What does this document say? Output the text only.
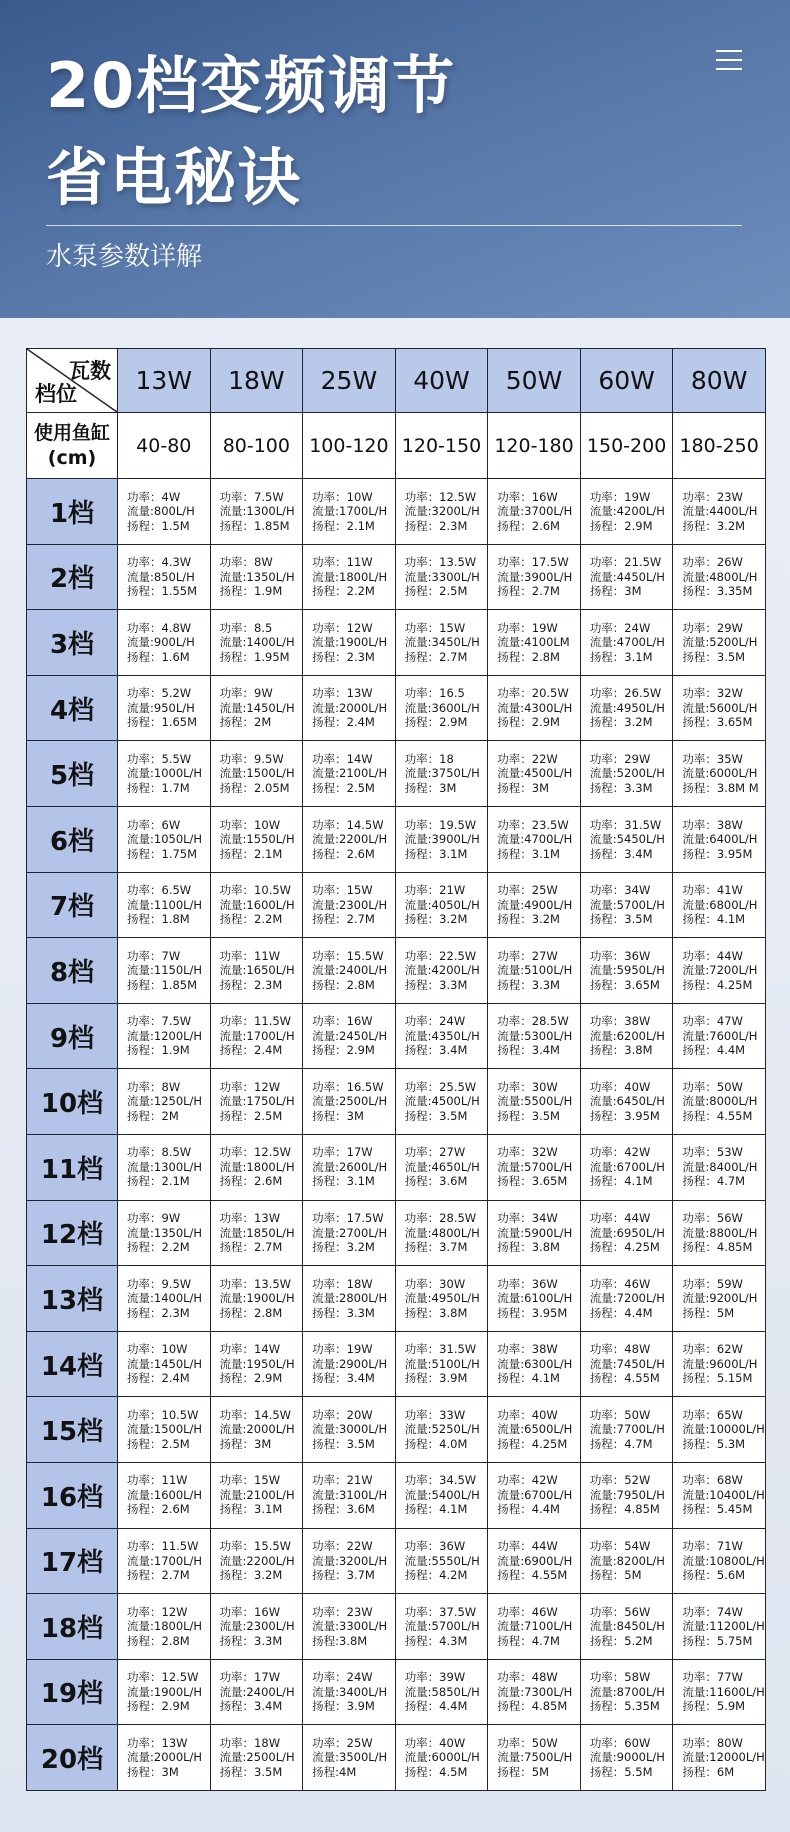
20档变频调节
省电秘诀
水泵参数详解
瓦数
档位	13W	18W	25W	40W	50W	60W	80W

使用鱼缸
(cm)	40-80	80-100	100-120	120-150	120-180	150-200	180-250
1档	功率：4W
流量:800L/H
扬程：1.5M	功率：7.5W
流量:1300L/H
扬程：1.85M	功率：10W
流量:1700L/H
扬程：2.1M	功率：12.5W
流量:3200L/H
扬程：2.3M	功率：16W
流量:3700L/H
扬程：2.6M	功率：19W
流量:4200L/H
扬程：2.9M	功率：23W
流量:4400L/H
扬程：3.2M

2档	功率：4.3W
流量:850L/H
扬程：1.55M	功率：8W
流量:1350L/H
扬程：1.9M	功率：11W
流量:1800L/H
扬程：2.2M	功率：13.5W
流量:3300L/H
扬程：2.5M	功率：17.5W
流量:3900L/H
扬程：2.7M	功率：21.5W
流量:4450L/H
扬程：3M	功率：26W
流量:4800L/H
扬程：3.35M

3档	功率：4.8W
流量:900L/H
扬程：1.6M	功率：8.5
流量:1400L/H
扬程：1.95M	功率：12W
流量:1900L/H
扬程：2.3M	功率：15W
流量:3450L/H
扬程：2.7M	功率：19W
流量:4100LM
扬程：2.8M	功率：24W
流量:4700L/H
扬程：3.1M	功率：29W
流量:5200L/H
扬程：3.5M

4档	功率：5.2W
流量:950L/H
扬程：1.65M	功率：9W
流量:1450L/H
扬程：2M	功率：13W
流量:2000L/H
扬程：2.4M	功率：16.5
流量:3600L/H
扬程：2.9M	功率：20.5W
流量:4300L/H
扬程：2.9M	功率：26.5W
流量:4950L/H
扬程：3.2M	功率：32W
流量:5600L/H
扬程：3.65M

5档	功率：5.5W
流量:1000L/H
扬程：1.7M	功率：9.5W
流量:1500L/H
扬程：2.05M	功率：14W
流量:2100L/H
扬程：2.5M	功率：18
流量:3750L/H
扬程：3M	功率：22W
流量:4500L/H
扬程：3M	功率：29W
流量:5200L/H
扬程：3.3M	功率：35W
流量:6000L/H
扬程：3.8M M

6档	功率：6W
流量:1050L/H
扬程：1.75M	功率：10W
流量:1550L/H
扬程：2.1M	功率：14.5W
流量:2200L/H
扬程：2.6M	功率：19.5W
流量:3900L/H
扬程：3.1M	功率：23.5W
流量:4700L/H
扬程：3.1M	功率：31.5W
流量:5450L/H
扬程：3.4M	功率：38W
流量:6400L/H
扬程：3.95M

7档	功率：6.5W
流量:1100L/H
扬程：1.8M	功率：10.5W
流量:1600L/H
扬程：2.2M	功率：15W
流量:2300L/H
扬程：2.7M	功率：21W
流量:4050L/H
扬程：3.2M	功率：25W
流量:4900L/H
扬程：3.2M	功率：34W
流量:5700L/H
扬程：3.5M	功率：41W
流量:6800L/H
扬程：4.1M

8档	功率：7W
流量:1150L/H
扬程：1.85M	功率：11W
流量:1650L/H
扬程：2.3M	功率：15.5W
流量:2400L/H
扬程：2.8M	功率：22.5W
流量:4200L/H
扬程：3.3M	功率：27W
流量:5100L/H
扬程：3.3M	功率：36W
流量:5950L/H
扬程：3.65M	功率：44W
流量:7200L/H
扬程：4.25M

9档	功率：7.5W
流量:1200L/H
扬程：1.9M	功率：11.5W
流量:1700L/H
扬程：2.4M	功率：16W
流量:2450L/H
扬程：2.9M	功率：24W
流量:4350L/H
扬程：3.4M	功率：28.5W
流量:5300L/H
扬程：3.4M	功率：38W
流量:6200L/H
扬程：3.8M	功率：47W
流量:7600L/H
扬程：4.4M

10档	功率：8W
流量:1250L/H
扬程：2M	功率：12W
流量:1750L/H
扬程：2.5M	功率：16.5W
流量:2500L/H
扬程：3M	功率：25.5W
流量:4500L/H
扬程：3.5M	功率：30W
流量:5500L/H
扬程：3.5M	功率：40W
流量:6450L/H
扬程：3.95M	功率：50W
流量:8000L/H
扬程：4.55M

11档	功率：8.5W
流量:1300L/H
扬程：2.1M	功率：12.5W
流量:1800L/H
扬程：2.6M	功率：17W
流量:2600L/H
扬程：3.1M	功率：27W
流量:4650L/H
扬程：3.6M	功率：32W
流量:5700L/H
扬程：3.65M	功率：42W
流量:6700L/H
扬程：4.1M	功率：53W
流量:8400L/H
扬程：4.7M

12档	功率：9W
流量:1350L/H
扬程：2.2M	功率：13W
流量:1850L/H
扬程：2.7M	功率：17.5W
流量:2700L/H
扬程：3.2M	功率：28.5W
流量:4800L/H
扬程：3.7M	功率：34W
流量:5900L/H
扬程：3.8M	功率：44W
流量:6950L/H
扬程：4.25M	功率：56W
流量:8800L/H
扬程：4.85M

13档	功率：9.5W
流量:1400L/H
扬程：2.3M	功率：13.5W
流量:1900L/H
扬程：2.8M	功率：18W
流量:2800L/H
扬程：3.3M	功率：30W
流量:4950L/H
扬程：3.8M	功率：36W
流量:6100L/H
扬程：3.95M	功率：46W
流量:7200L/H
扬程：4.4M	功率：59W
流量:9200L/H
扬程：5M

14档	功率：10W
流量:1450L/H
扬程：2.4M	功率：14W
流量:1950L/H
扬程：2.9M	功率：19W
流量:2900L/H
扬程：3.4M	功率：31.5W
流量:5100L/H
扬程：3.9M	功率：38W
流量:6300L/H
扬程：4.1M	功率：48W
流量:7450L/H
扬程：4.55M	功率：62W
流量:9600L/H
扬程：5.15M

15档	功率：10.5W
流量:1500L/H
扬程：2.5M	功率：14.5W
流量:2000L/H
扬程：3M	功率：20W
流量:3000L/H
扬程：3.5M	功率：33W
流量:5250L/H
扬程：4.0M	功率：40W
流量:6500L/H
扬程：4.25M	功率：50W
流量:7700L/H
扬程：4.7M	功率：65W
流量:10000L/H
扬程：5.3M

16档	功率：11W
流量:1600L/H
扬程：2.6M	功率：15W
流量:2100L/H
扬程：3.1M	功率：21W
流量:3100L/H
扬程：3.6M	功率：34.5W
流量:5400L/H
扬程：4.1M	功率：42W
流量:6700L/H
扬程：4.4M	功率：52W
流量:7950L/H
扬程：4.85M	功率：68W
流量:10400L/H
扬程：5.45M

17档	功率：11.5W
流量:1700L/H
扬程：2.7M	功率：15.5W
流量:2200L/H
扬程：3.2M	功率：22W
流量:3200L/H
扬程：3.7M	功率：36W
流量:5550L/H
扬程：4.2M	功率：44W
流量:6900L/H
扬程：4.55M	功率：54W
流量:8200L/H
扬程：5M	功率：71W
流量:10800L/H
扬程：5.6M

18档	功率：12W
流量:1800L/H
扬程：2.8M	功率：16W
流量:2300L/H
扬程：3.3M	功率：23W
流量:3300L/H
扬程:3.8M	功率：37.5W
流量:5700L/H
扬程：4.3M	功率：46W
流量:7100L/H
扬程：4.7M	功率：56W
流量:8450L/H
扬程：5.2M	功率：74W
流量:11200L/H
扬程：5.75M

19档	功率：12.5W
流量:1900L/H
扬程：2.9M	功率：17W
流量:2400L/H
扬程：3.4M	功率：24W
流量:3400L/H
扬程：3.9M	功率：39W
流量:5850L/H
扬程：4.4M	功率：48W
流量:7300L/H
扬程：4.85M	功率：58W
流量:8700L/H
扬程：5.35M	功率：77W
流量:11600L/H
扬程：5.9M

20档	功率：13W
流量:2000L/H
扬程：3M	功率：18W
流量:2500L/H
扬程：3.5M	功率：25W
流量:3500L/H
扬程:4M	功率：40W
流量:6000L/H
扬程：4.5M	功率：50W
流量:7500L/H
扬程：5M	功率：60W
流量:9000L/H
扬程：5.5M	功率：80W
流量:12000L/H
扬程：6M
